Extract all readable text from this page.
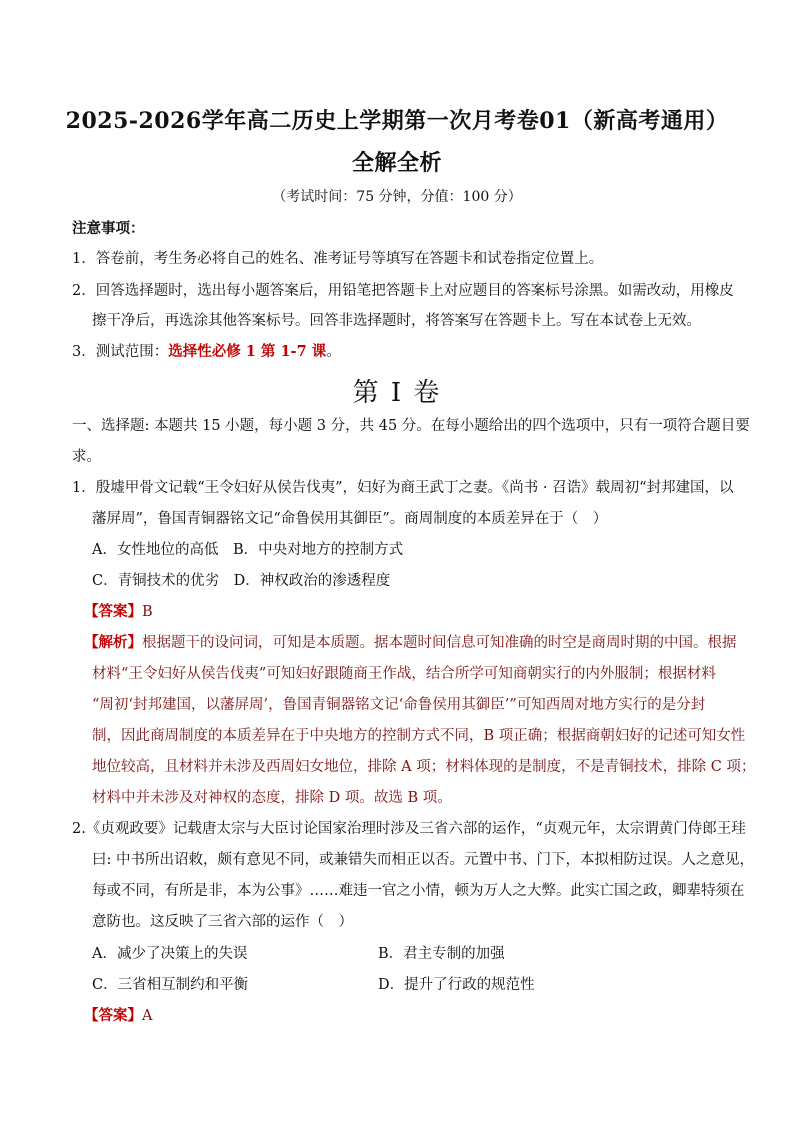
2025-2026学年高二历史上学期第一次月考卷01（新高考通用）
全解全析
（考试时间：75 分钟，分值：100 分）
注意事项：
1．答卷前，考生务必将自己的姓名、准考证号等填写在答题卡和试卷指定位置上。
2．回答选择题时，选出每小题答案后，用铅笔把答题卡上对应题目的答案标号涂黑。如需改动，用橡皮
擦干净后，再选涂其他答案标号。回答非选择题时，将答案写在答题卡上。写在本试卷上无效。
3．测试范围：选择性必修 1 第 1-7 课。
第 I 卷
一、选择题: 本题共 15 小题，每小题 3 分，共 45 分。在每小题给出的四个选项中，只有一项符合题目要
求。
1．殷墟甲骨文记载“王令妇好从侯告伐夷”，妇好为商王武丁之妻。《尚书 · 召诰》载周初“封邦建国，以
藩屏周”，鲁国青铜器铭文记“命鲁侯用其御臣”。商周制度的本质差异在于（　）
A．女性地位的高低　B．中央对地方的控制方式
C．青铜技术的优劣　D．神权政治的渗透程度
【答案】B
【解析】根据题干的设问词，可知是本质题。据本题时间信息可知准确的时空是商周时期的中国。根据
材料“王令妇好从侯告伐夷”可知妇好跟随商王作战，结合所学可知商朝实行的内外服制；根据材料
“周初‘封邦建国，以藩屏周’，鲁国青铜器铭文记‘命鲁侯用其御臣’”可知西周对地方实行的是分封
制，因此商周制度的本质差异在于中央地方的控制方式不同，B 项正确；根据商朝妇好的记述可知女性
地位较高，且材料并未涉及西周妇女地位，排除 A 项；材料体现的是制度，不是青铜技术，排除 C 项；
材料中并未涉及对神权的态度，排除 D 项。故选 B 项。
2.《贞观政要》记载唐太宗与大臣讨论国家治理时涉及三省六部的运作，“贞观元年，太宗谓黄门侍郎王珪
曰: 中书所出诏敕，颇有意见不同，或兼错失而相正以否。元置中书、门下，本拟相防过误。人之意见，
每或不同，有所是非，本为公事》……难违一官之小情，顿为万人之大弊。此实亡国之政，卿辈特须在
意防也。这反映了三省六部的运作（　）
A．减少了决策上的失误	B．君主专制的加强
C．三省相互制约和平衡	D．提升了行政的规范性
【答案】A
